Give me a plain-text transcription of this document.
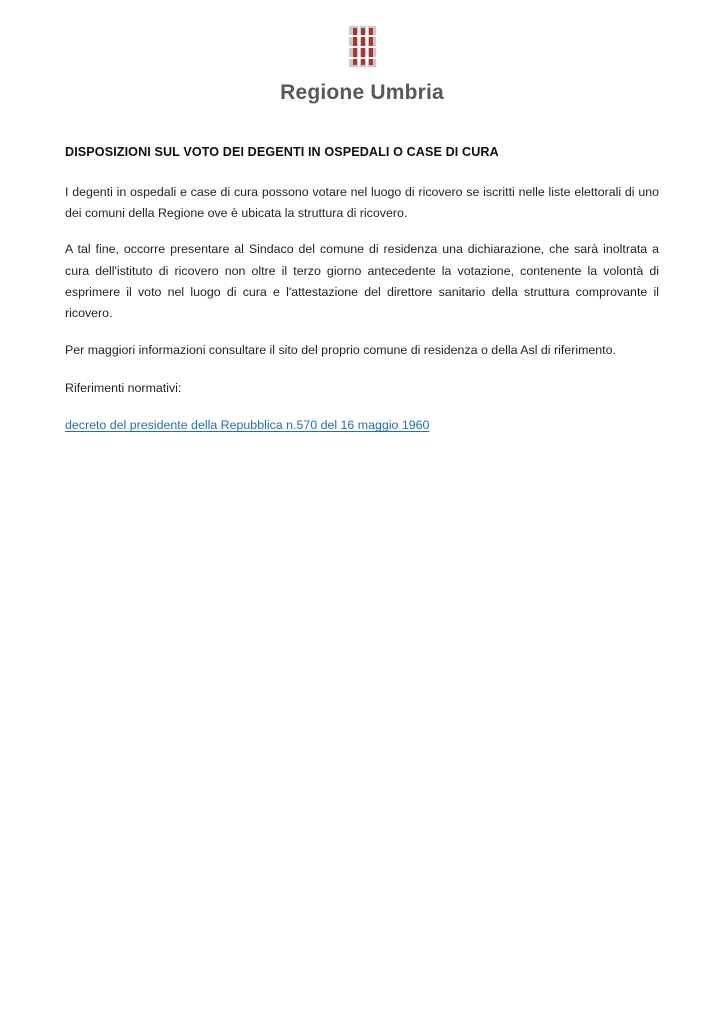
Regione Umbria
DISPOSIZIONI SUL VOTO DEI DEGENTI IN OSPEDALI O CASE DI CURA

I degenti in ospedali e case di cura possono votare nel luogo di ricovero se iscritti nelle liste elettorali di uno dei comuni della Regione ove è ubicata la struttura di ricovero.

A tal fine, occorre presentare al Sindaco del comune di residenza una dichiarazione, che sarà inoltrata a cura dell'istituto di ricovero non oltre il terzo giorno antecedente la votazione, contenente la volontà di esprimere il voto nel luogo di cura e l'attestazione del direttore sanitario della struttura comprovante il ricovero.

Per maggiori informazioni consultare il sito del proprio comune di residenza o della Asl di riferimento.

Riferimenti normativi:

decreto del presidente della Repubblica n.570 del 16 maggio 1960
